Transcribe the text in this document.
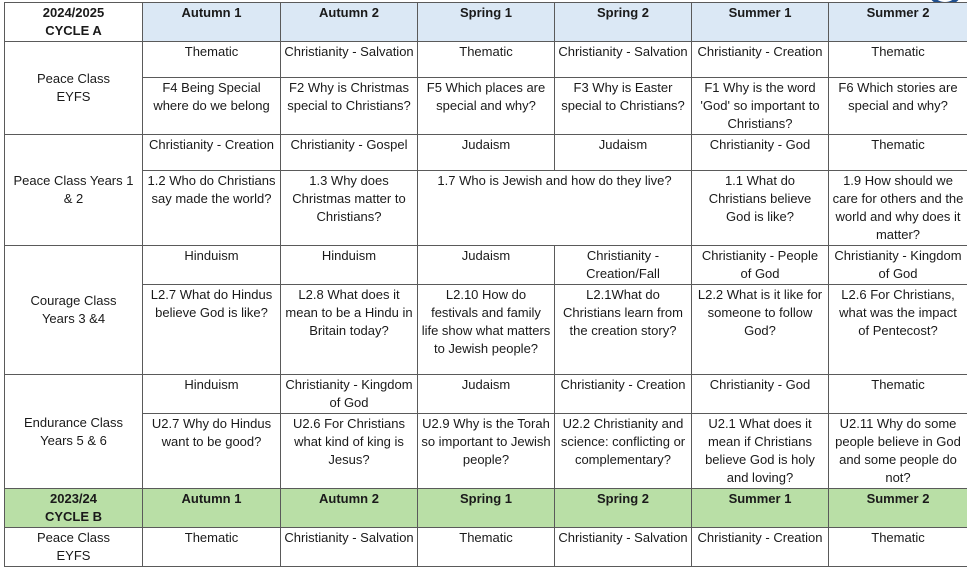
2024/2025
CYCLE A	Autumn 1	Autumn 2	Spring 1	Spring 2	Summer 1	Summer 2
Peace Class
EYFS	Thematic	Christianity - Salvation	Thematic	Christianity - Salvation	Christianity - Creation	Thematic
	F4 Being Special where do we belong	F2 Why is Christmas special to Christians?	F5 Which places are special and why?	F3 Why is Easter special to Christians?	F1 Why is the word 'God' so important to Christians?	F6 Which stories are special and why?
Peace Class Years 1 & 2	Christianity - Creation	Christianity - Gospel	Judaism	Judaism	Christianity - God	Thematic
	1.2 Who do Christians say made the world?	1.3 Why does Christmas matter to Christians?	1.7 Who is Jewish and how do they live?		1.1 What do Christians believe God is like?	1.9 How should we care for others and the world and why does it matter?
Courage Class
Years 3 &4	Hinduism	Hinduism	Judaism	Christianity - Creation/Fall	Christianity - People of God	Christianity - Kingdom of God
	L2.7 What do Hindus believe God is like?	L2.8 What does it mean to be a Hindu in Britain today?	L2.10 How do festivals and family life show what matters to Jewish people?	L2.1What do Christians learn from the creation story?	L2.2 What is it like for someone to follow God?	L2.6 For Christians, what was the impact of Pentecost?
Endurance Class
Years 5 & 6	Hinduism	Christianity - Kingdom of God	Judaism	Christianity - Creation	Christianity - God	Thematic
	U2.7 Why do Hindus want to be good?	U2.6 For Christians what kind of king is Jesus?	U2.9 Why is the Torah so important to Jewish people?	U2.2 Christianity and science: conflicting or complementary?	U2.1 What does it mean if Christians believe God is holy and loving?	U2.11 Why do some people believe in God and some people do not?
2023/24
CYCLE B	Autumn 1	Autumn 2	Spring 1	Spring 2	Summer 1	Summer 2
Peace Class
EYFS	Thematic	Christianity - Salvation	Thematic	Christianity - Salvation	Christianity - Creation	Thematic
